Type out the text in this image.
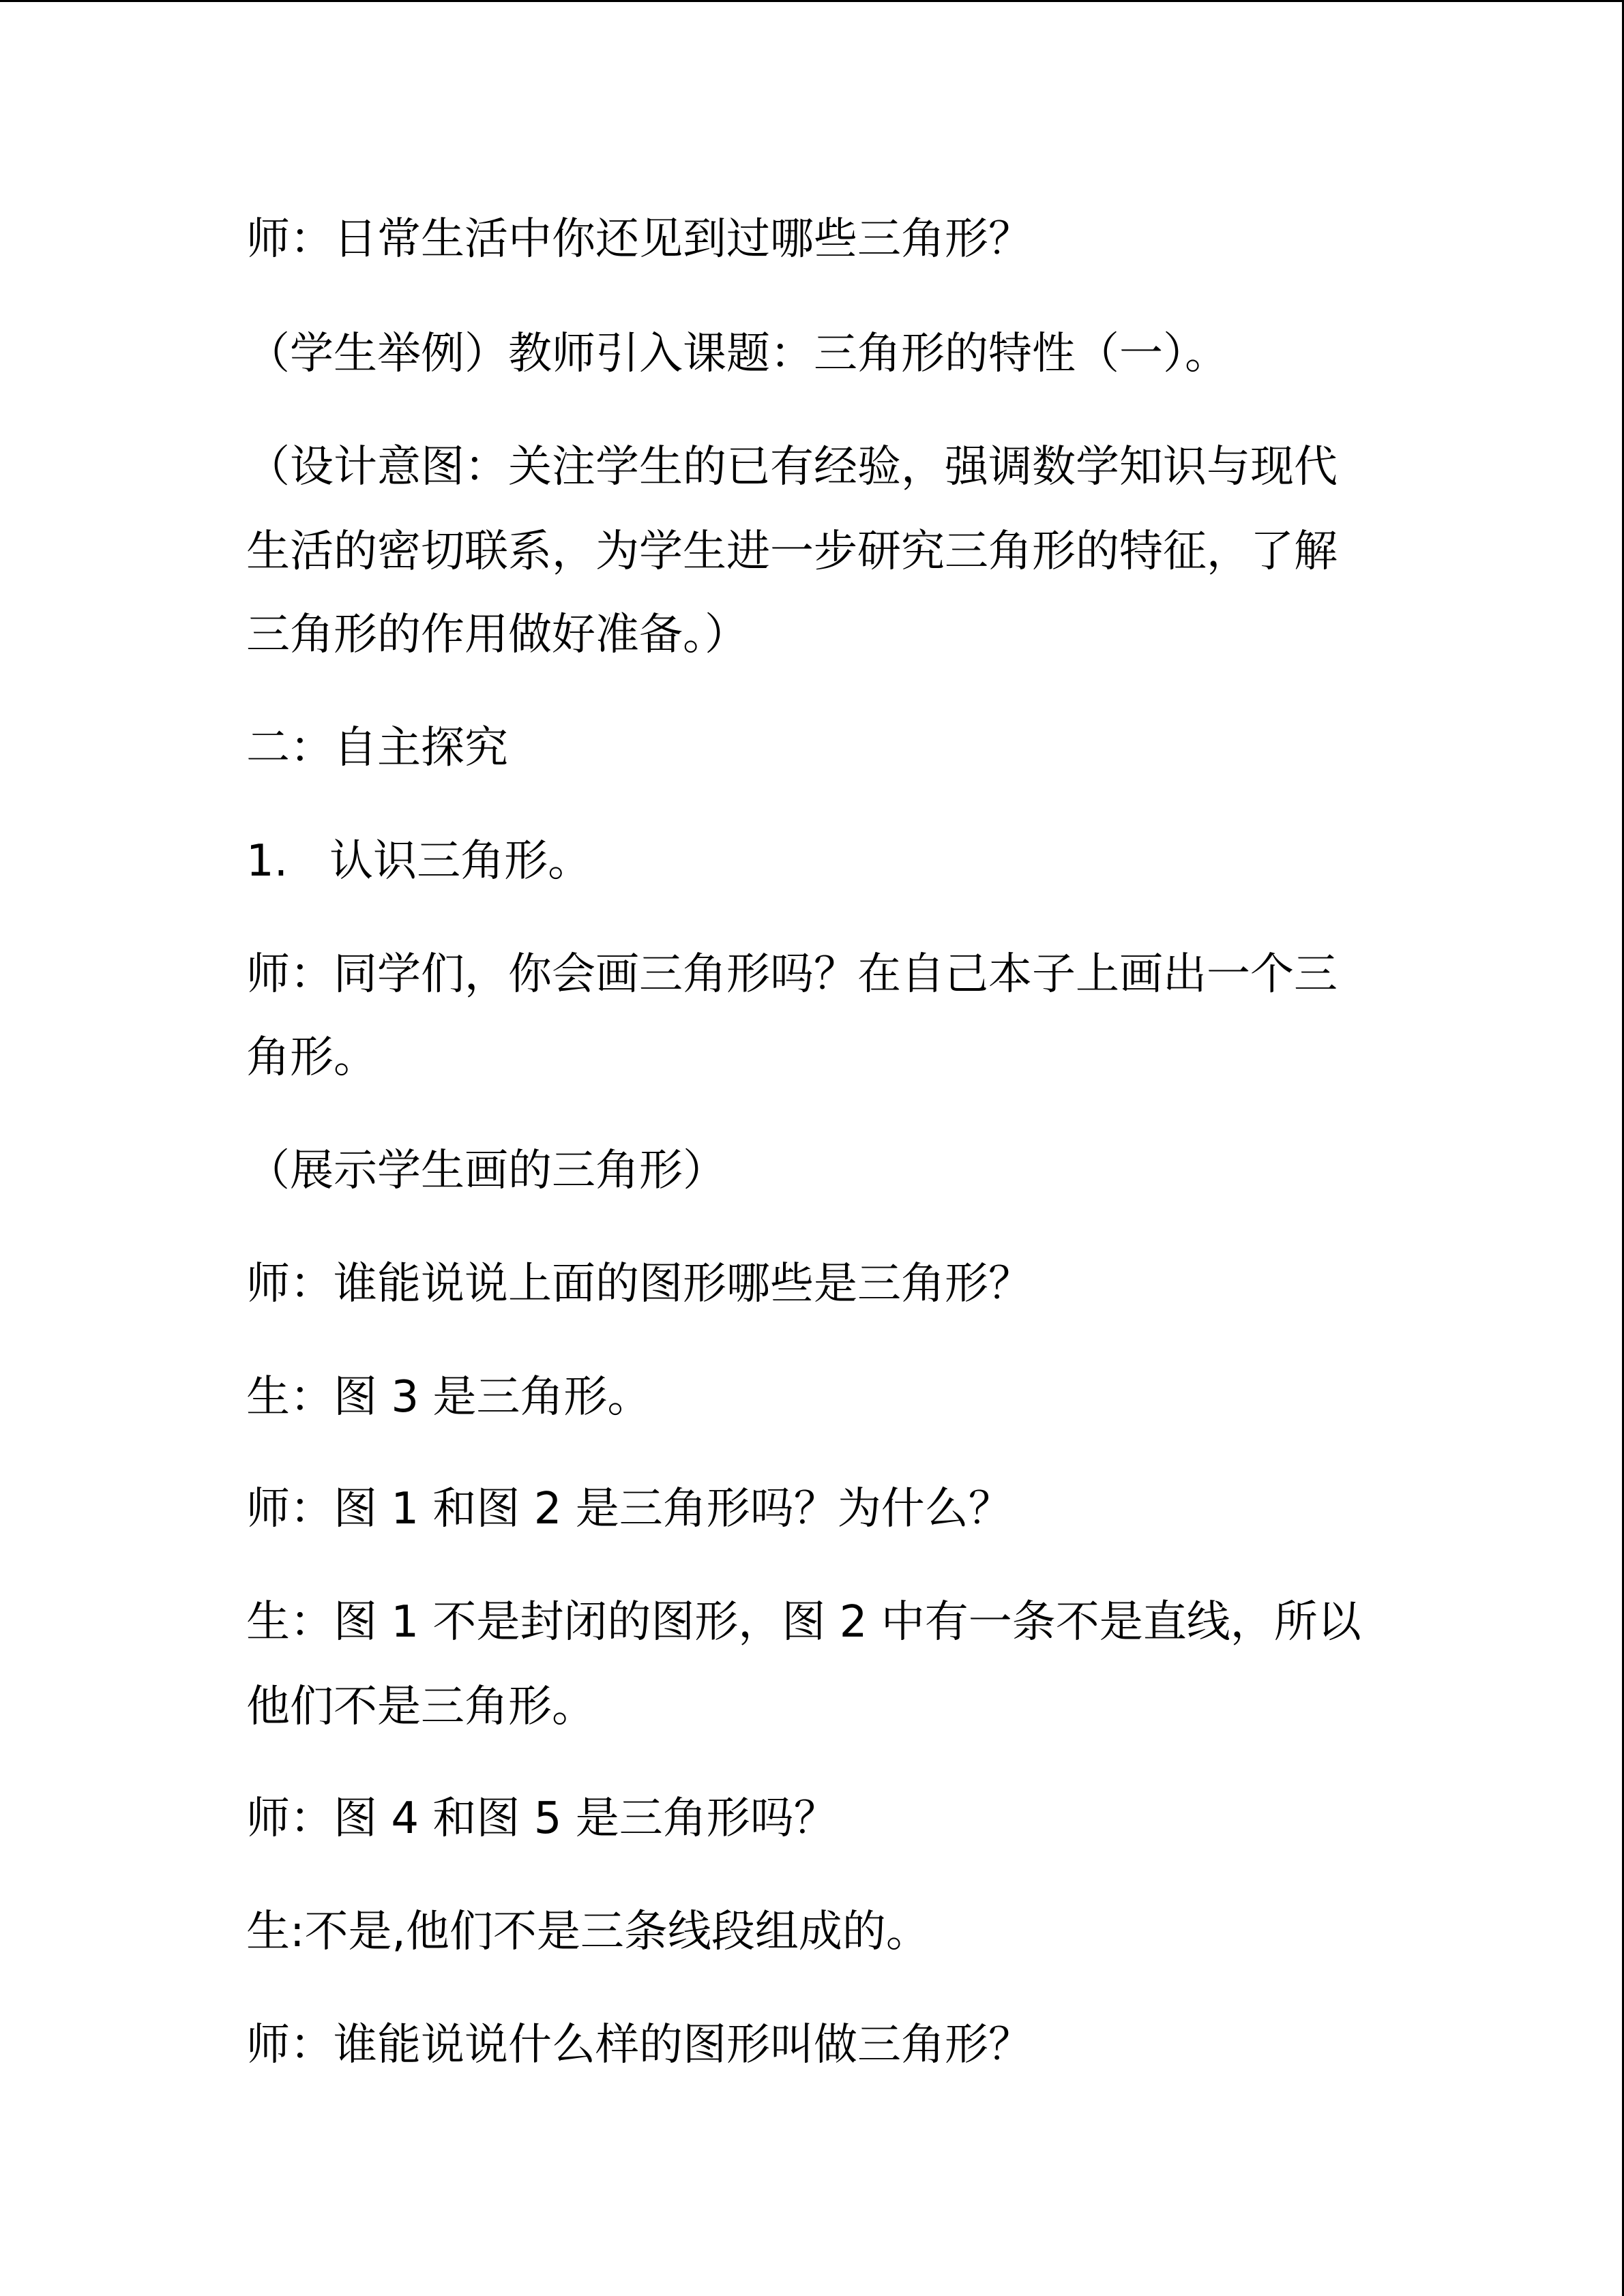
师：日常生活中你还见到过哪些三角形？

（学生举例）教师引入课题：三角形的特性（一）。

（设计意图：关注学生的已有经验，强调数学知识与现代

生活的密切联系，为学生进一步研究三角形的特征，了解

三角形的作用做好准备。）

二：自主探究

1.   认识三角形。

师：同学们，你会画三角形吗？在自己本子上画出一个三

角形。

（展示学生画的三角形）

师：谁能说说上面的图形哪些是三角形？

生：图 3 是三角形。

师：图 1 和图 2 是三角形吗？为什么？

生：图 1 不是封闭的图形，图 2 中有一条不是直线，所以

他们不是三角形。

师：图 4 和图 5 是三角形吗？

生:不是,他们不是三条线段组成的。

师：谁能说说什么样的图形叫做三角形？
